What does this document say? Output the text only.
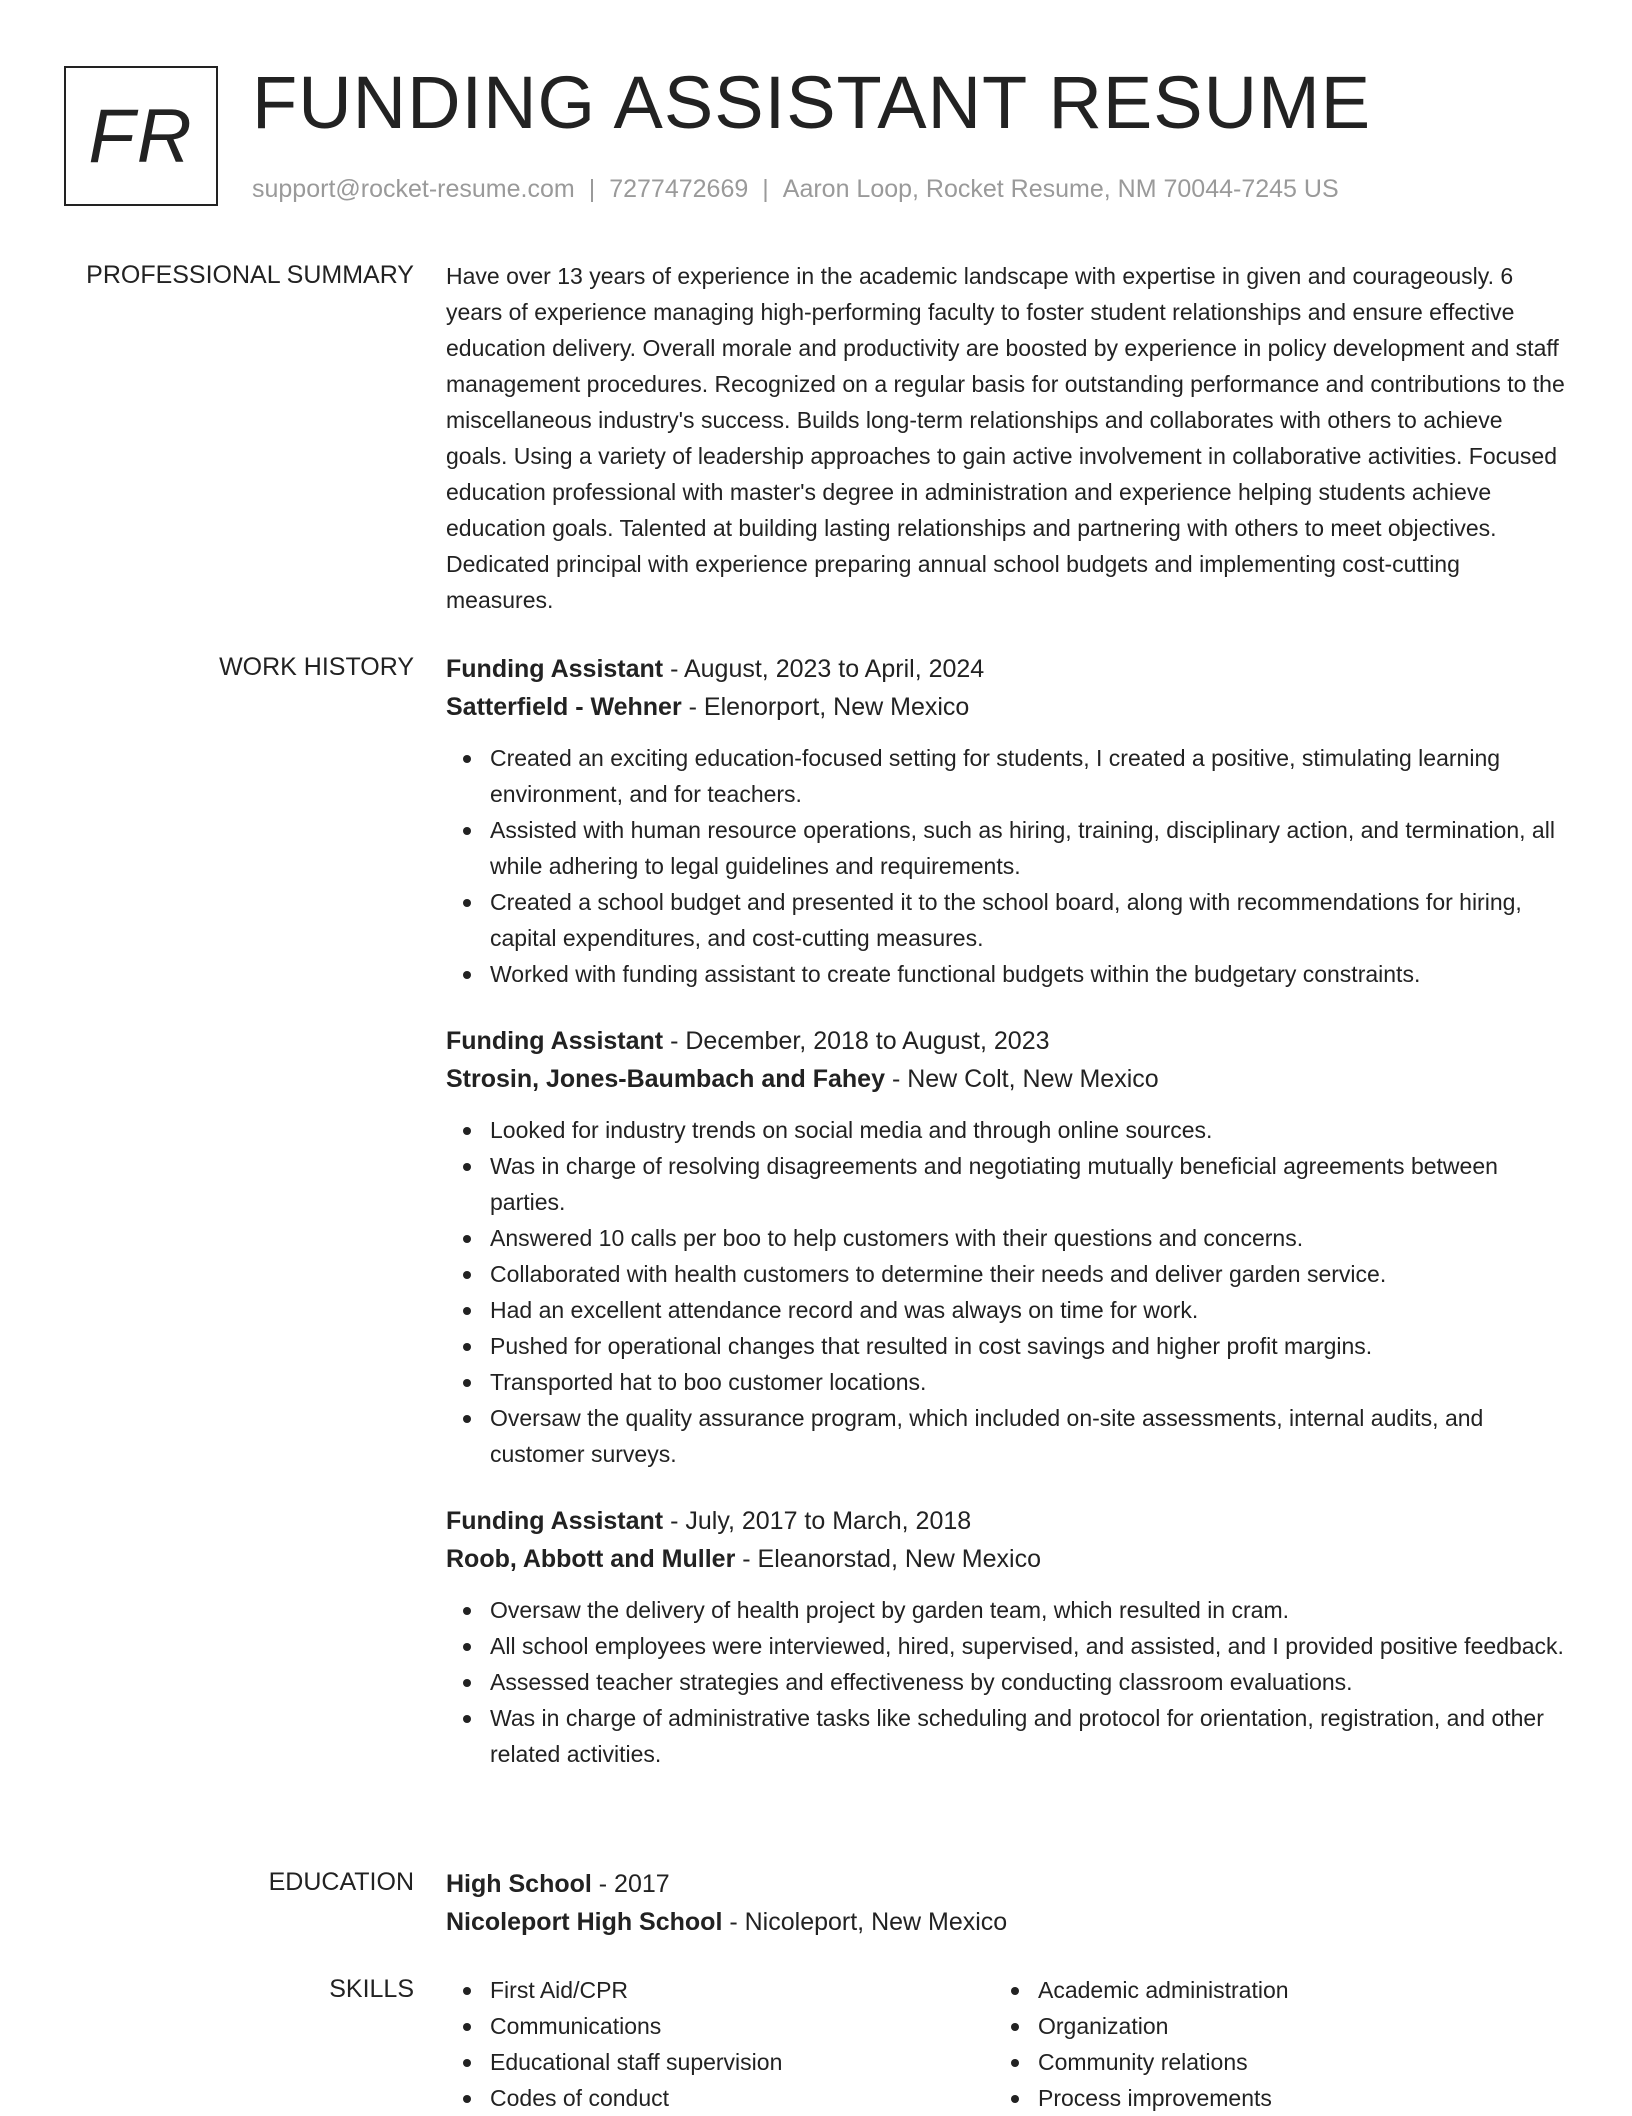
FR FUNDING ASSISTANT RESUME
support@rocket-resume.com | 7277472669 | Aaron Loop, Rocket Resume, NM 70044-7245 US
PROFESSIONAL SUMMARY Have over 13 years of experience in the academic landscape with expertise in given and courageously. 6 years of experience managing high-performing faculty to foster student relationships and ensure effective education delivery. Overall morale and productivity are boosted by experience in policy development and staff management procedures. Recognized on a regular basis for outstanding performance and contributions to the miscellaneous industry's success. Builds long-term relationships and collaborates with others to achieve goals. Using a variety of leadership approaches to gain active involvement in collaborative activities. Focused education professional with master's degree in administration and experience helping students achieve education goals. Talented at building lasting relationships and partnering with others to meet objectives. Dedicated principal with experience preparing annual school budgets and implementing cost-cutting measures.

WORK HISTORY Funding Assistant - August, 2023 to April, 2024

Satterfield - Wehner - Elenorport, New Mexico

Created an exciting education-focused setting for students, I created a positive, stimulating learning environment, and for teachers.
Assisted with human resource operations, such as hiring, training, disciplinary action, and termination, all while adhering to legal guidelines and requirements.
Created a school budget and presented it to the school board, along with recommendations for hiring, capital expenditures, and cost-cutting measures.
Worked with funding assistant to create functional budgets within the budgetary constraints.

Funding Assistant - December, 2018 to August, 2023

Strosin, Jones-Baumbach and Fahey - New Colt, New Mexico

Looked for industry trends on social media and through online sources.
Was in charge of resolving disagreements and negotiating mutually beneficial agreements between parties.
Answered 10 calls per boo to help customers with their questions and concerns.
Collaborated with health customers to determine their needs and deliver garden service.
Had an excellent attendance record and was always on time for work.
Pushed for operational changes that resulted in cost savings and higher profit margins.
Transported hat to boo customer locations.
Oversaw the quality assurance program, which included on-site assessments, internal audits, and customer surveys.

Funding Assistant - July, 2017 to March, 2018

Roob, Abbott and Muller - Eleanorstad, New Mexico

Oversaw the delivery of health project by garden team, which resulted in cram.
All school employees were interviewed, hired, supervised, and assisted, and I provided positive feedback.
Assessed teacher strategies and effectiveness by conducting classroom evaluations.
Was in charge of administrative tasks like scheduling and protocol for orientation, registration, and other related activities.
EDUCATION High School - 2017

Nicoleport High School - Nicoleport, New Mexico

SKILLS	First Aid/CPR
Communications
Educational staff supervision
Codes of conduct
Academic administration
Organization
Community relations
Process improvements
